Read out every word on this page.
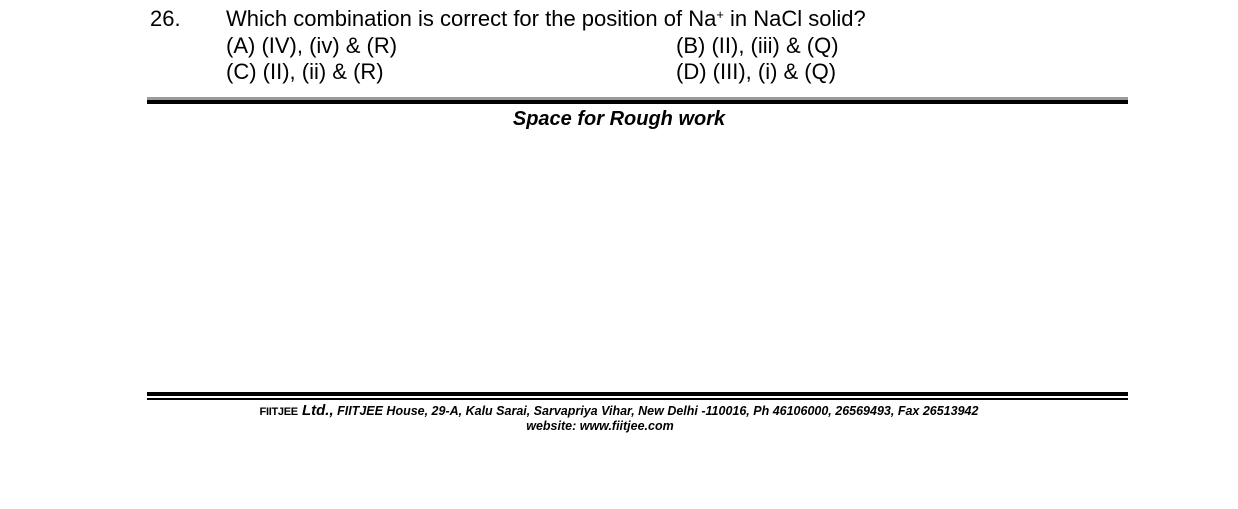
26. Which combination is correct for the position of Na+ in NaCl solid?
(A) (IV), (iv) & (R)	(B) (II), (iii) & (Q)
(C) (II), (ii) & (R)	(D) (III), (i) & (Q)
Space for Rough work
FIITJEE Ltd., FIITJEE House, 29-A, Kalu Sarai, Sarvapriya Vihar, New Delhi -110016, Ph 46106000, 26569493, Fax 26513942
website: www.fiitjee.com
